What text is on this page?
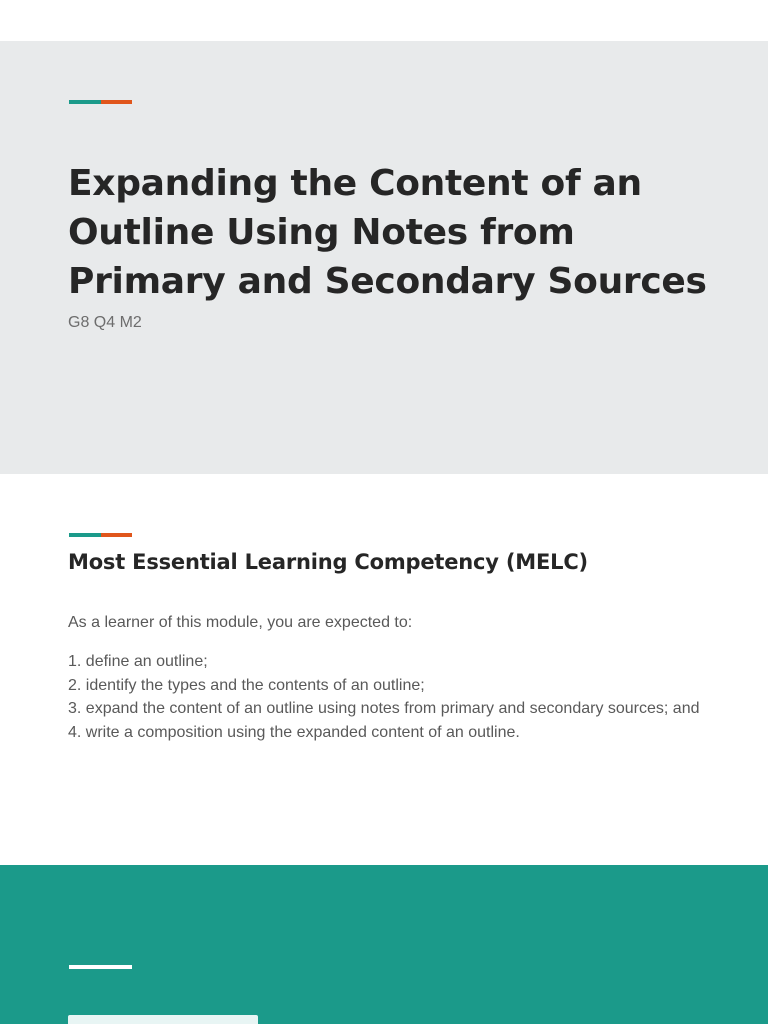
Expanding the Content of an Outline Using Notes from Primary and Secondary Sources

G8 Q4 M2

Most Essential Learning Competency (MELC)

As a learner of this module, you are expected to:

1. define an outline;
2. identify the types and the contents of an outline;
3. expand the content of an outline using notes from primary and secondary sources; and
4. write a composition using the expanded content of an outline.
